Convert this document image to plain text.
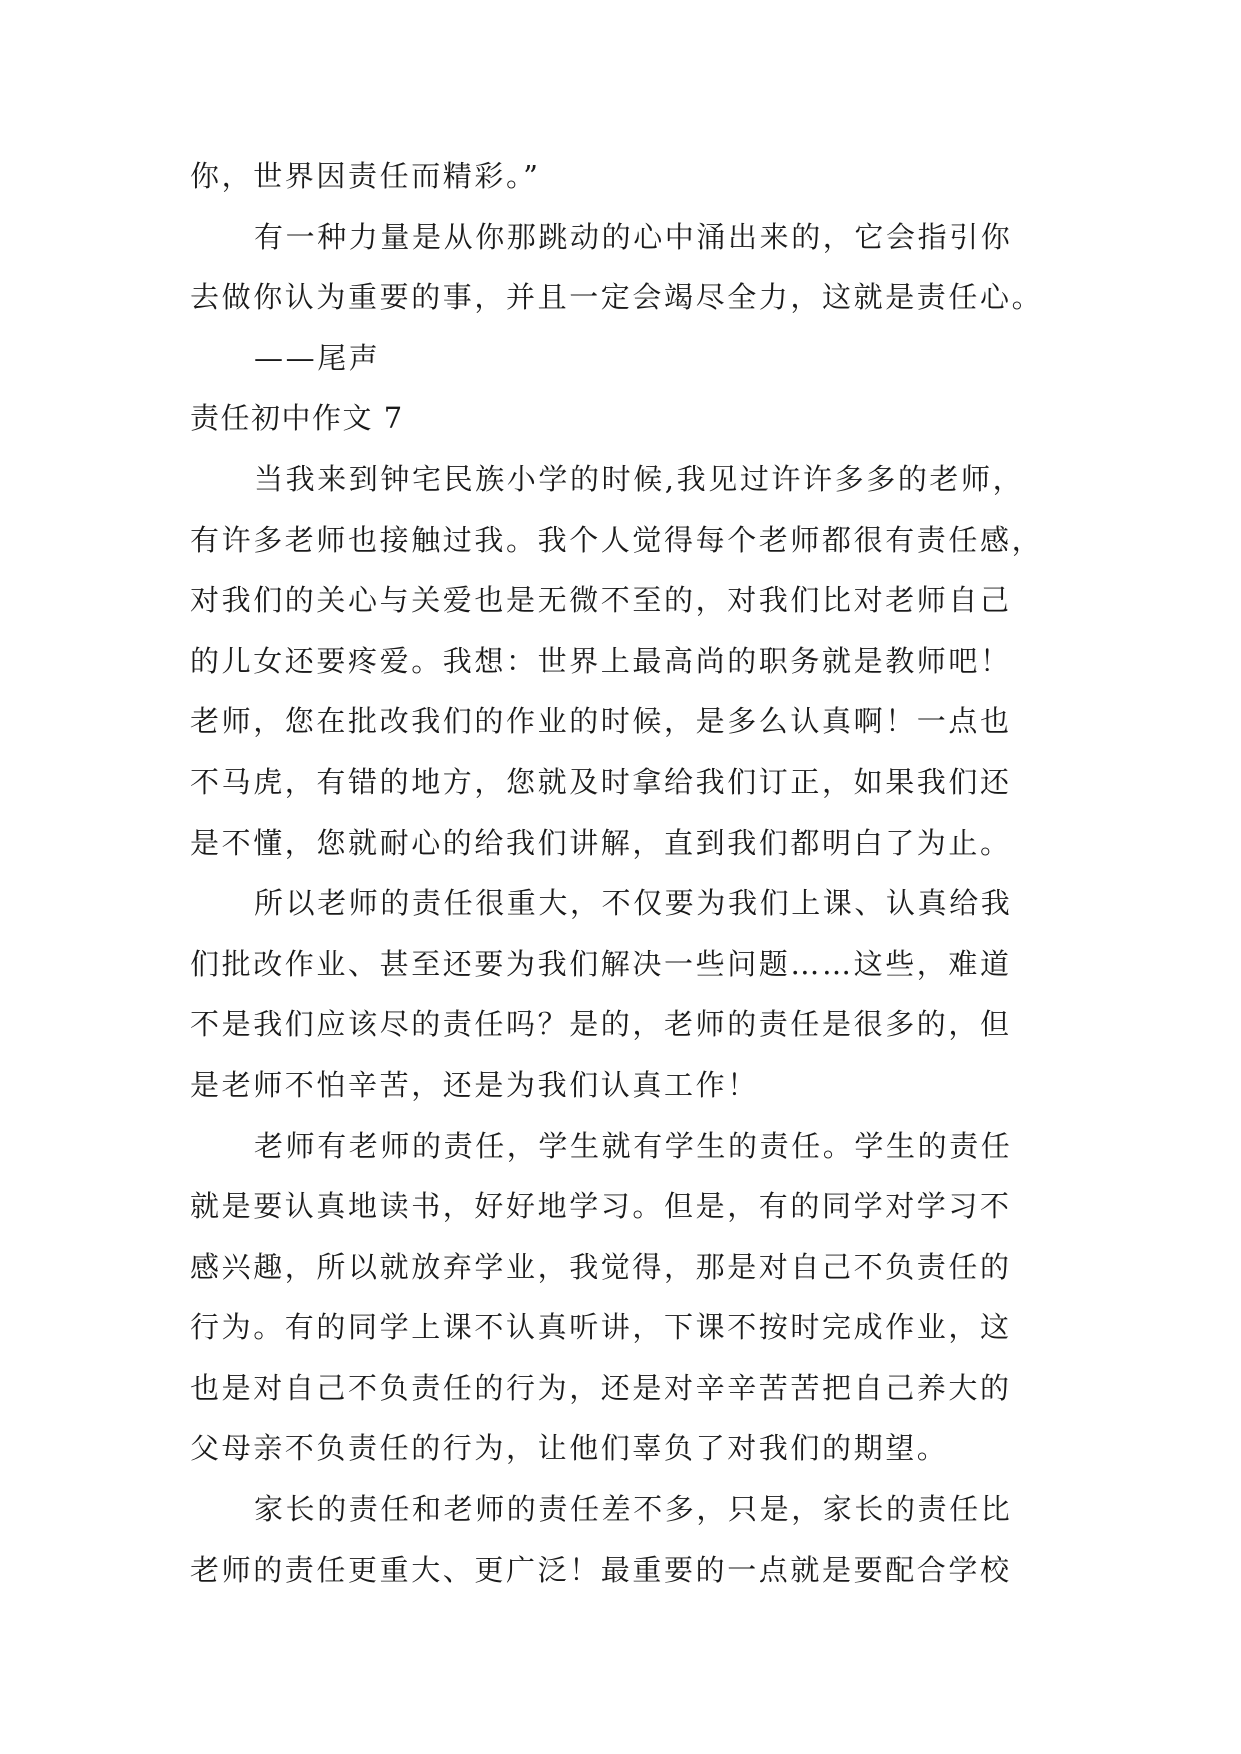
你，世界因责任而精彩。”
有一种力量是从你那跳动的心中涌出来的，它会指引你
去做你认为重要的事，并且一定会竭尽全力，这就是责任心。
——尾声
责任初中作文 7
当我来到钟宅民族小学的时候,我见过许许多多的老师，
有许多老师也接触过我。我个人觉得每个老师都很有责任感，
对我们的关心与关爱也是无微不至的，对我们比对老师自己
的儿女还要疼爱。我想：世界上最高尚的职务就是教师吧！
老师，您在批改我们的作业的时候，是多么认真啊！一点也
不马虎，有错的地方，您就及时拿给我们订正，如果我们还
是不懂，您就耐心的给我们讲解，直到我们都明白了为止。
所以老师的责任很重大，不仅要为我们上课、认真给我
们批改作业、甚至还要为我们解决一些问题……这些，难道
不是我们应该尽的责任吗？是的，老师的责任是很多的，但
是老师不怕辛苦，还是为我们认真工作！
老师有老师的责任，学生就有学生的责任。学生的责任
就是要认真地读书，好好地学习。但是，有的同学对学习不
感兴趣，所以就放弃学业，我觉得，那是对自己不负责任的
行为。有的同学上课不认真听讲，下课不按时完成作业，这
也是对自己不负责任的行为，还是对辛辛苦苦把自己养大的
父母亲不负责任的行为，让他们辜负了对我们的期望。
家长的责任和老师的责任差不多，只是，家长的责任比
老师的责任更重大、更广泛！最重要的一点就是要配合学校
